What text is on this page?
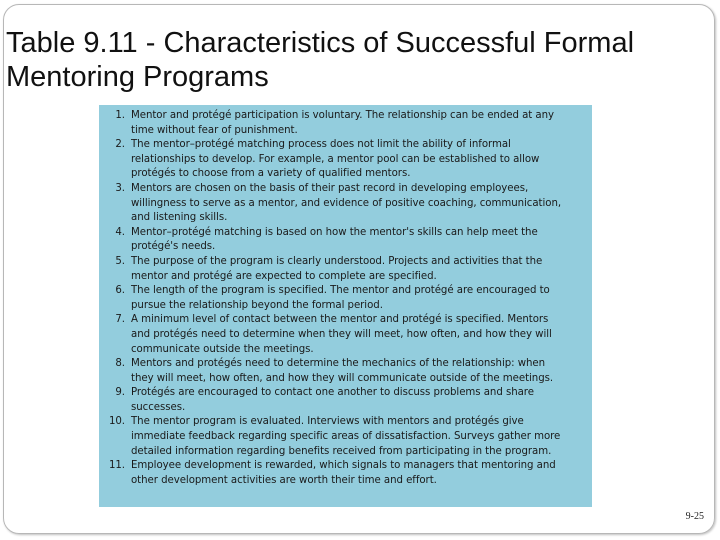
Table 9.11 - Characteristics of Successful Formal Mentoring Programs
1. Mentor and protégé participation is voluntary. The relationship can be ended at any
time without fear of punishment.
2. The mentor–protégé matching process does not limit the ability of informal
relationships to develop. For example, a mentor pool can be established to allow
protégés to choose from a variety of qualified mentors.
3. Mentors are chosen on the basis of their past record in developing employees,
willingness to serve as a mentor, and evidence of positive coaching, communication,
and listening skills.
4. Mentor–protégé matching is based on how the mentor's skills can help meet the
protégé's needs.
5. The purpose of the program is clearly understood. Projects and activities that the
mentor and protégé are expected to complete are specified.
6. The length of the program is specified. The mentor and protégé are encouraged to
pursue the relationship beyond the formal period.
7. A minimum level of contact between the mentor and protégé is specified. Mentors
and protégés need to determine when they will meet, how often, and how they will
communicate outside the meetings.
8. Mentors and protégés need to determine the mechanics of the relationship: when
they will meet, how often, and how they will communicate outside of the meetings.
9. Protégés are encouraged to contact one another to discuss problems and share
successes.
10. The mentor program is evaluated. Interviews with mentors and protégés give
immediate feedback regarding specific areas of dissatisfaction. Surveys gather more
detailed information regarding benefits received from participating in the program.
11. Employee development is rewarded, which signals to managers that mentoring and
other development activities are worth their time and effort.
9-25
